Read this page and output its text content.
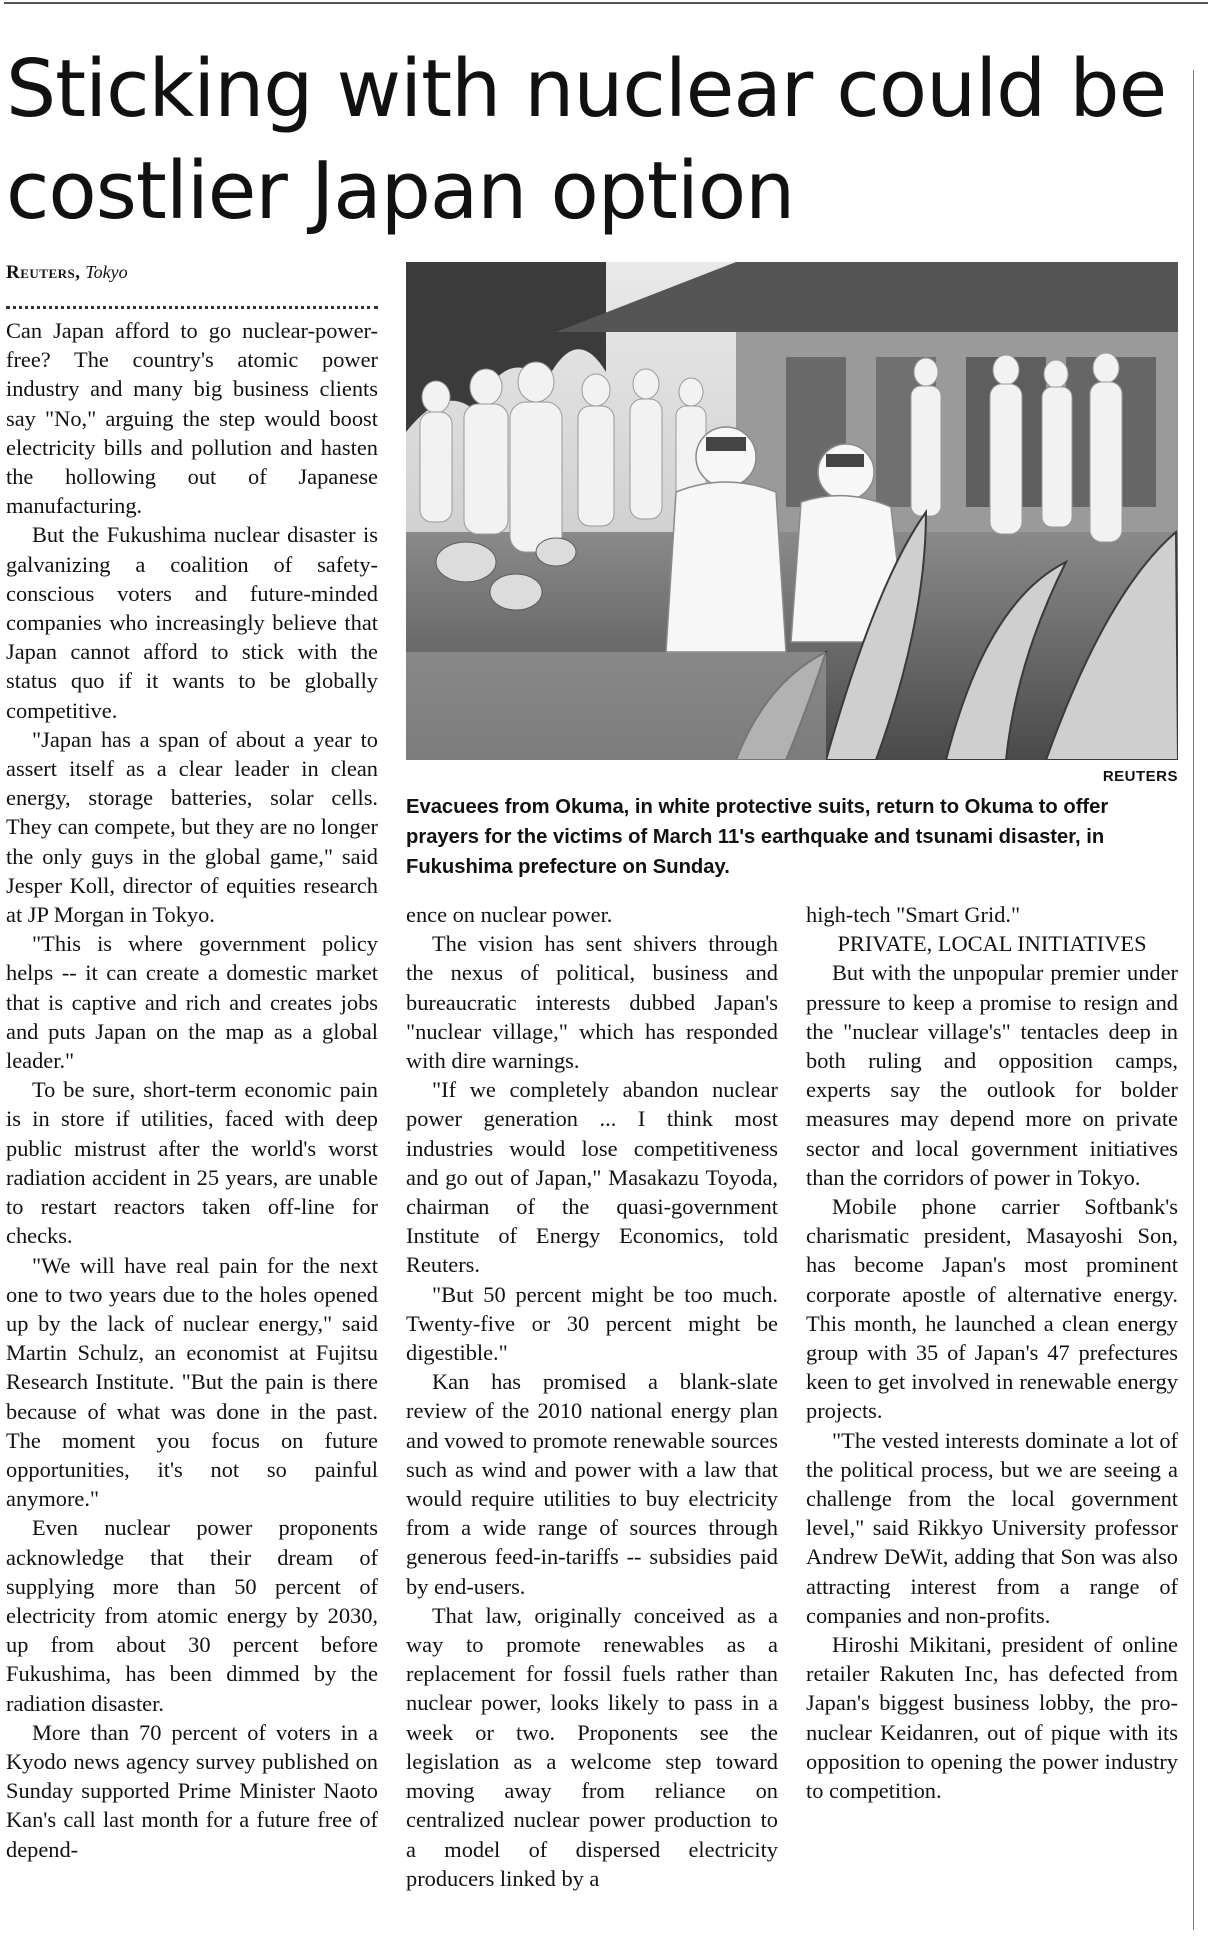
Sticking with nuclear could be costlier Japan option
Reuters, Tokyo

Can Japan afford to go nuclear-power-free? The country's atomic power industry and many big business clients say "No," arguing the step would boost electricity bills and pollution and hasten the hollowing out of Japanese manufacturing.

But the Fukushima nuclear disaster is galvanizing a coalition of safety-conscious voters and future-minded companies who increasingly believe that Japan cannot afford to stick with the status quo if it wants to be globally competitive.

"Japan has a span of about a year to assert itself as a clear leader in clean energy, storage batteries, solar cells. They can compete, but they are no longer the only guys in the global game," said Jesper Koll, director of equities research at JP Morgan in Tokyo.

"This is where government policy helps -- it can create a domestic market that is captive and rich and creates jobs and puts Japan on the map as a global leader."

To be sure, short-term economic pain is in store if utilities, faced with deep public mistrust after the world's worst radiation accident in 25 years, are unable to restart reactors taken off-line for checks.

"We will have real pain for the next one to two years due to the holes opened up by the lack of nuclear energy," said Martin Schulz, an economist at Fujitsu Research Institute. "But the pain is there because of what was done in the past. The moment you focus on future opportunities, it's not so painful anymore."

Even nuclear power proponents acknowledge that their dream of supplying more than 50 percent of electricity from atomic energy by 2030, up from about 30 percent before Fukushima, has been dimmed by the radiation disaster.

More than 70 percent of voters in a Kyodo news agency survey published on Sunday supported Prime Minister Naoto Kan's call last month for a future free of depend-

REUTERS

Evacuees from Okuma, in white protective suits, return to Okuma to offer prayers for the victims of March 11's earthquake and tsunami disaster, in Fukushima prefecture on Sunday.

ence on nuclear power.

The vision has sent shivers through the nexus of political, business and bureaucratic interests dubbed Japan's "nuclear village," which has responded with dire warnings.

"If we completely abandon nuclear power generation ... I think most industries would lose competitiveness and go out of Japan," Masakazu Toyoda, chairman of the quasi-government Institute of Energy Economics, told Reuters.

"But 50 percent might be too much. Twenty-five or 30 percent might be digestible."

Kan has promised a blank-slate review of the 2010 national energy plan and vowed to promote renewable sources such as wind and power with a law that would require utilities to buy electricity from a wide range of sources through generous feed-in-tariffs -- subsidies paid by end-users.

That law, originally conceived as a way to promote renewables as a replacement for fossil fuels rather than nuclear power, looks likely to pass in a week or two. Proponents see the legislation as a welcome step toward moving away from reliance on centralized nuclear power production to a model of dispersed electricity producers linked by a

high-tech "Smart Grid."

PRIVATE, LOCAL INITIATIVES

But with the unpopular premier under pressure to keep a promise to resign and the "nuclear village's" tentacles deep in both ruling and opposition camps, experts say the outlook for bolder measures may depend more on private sector and local government initiatives than the corridors of power in Tokyo.

Mobile phone carrier Softbank's charismatic president, Masayoshi Son, has become Japan's most prominent corporate apostle of alternative energy. This month, he launched a clean energy group with 35 of Japan's 47 prefectures keen to get involved in renewable energy projects.

"The vested interests dominate a lot of the political process, but we are seeing a challenge from the local government level," said Rikkyo University professor Andrew DeWit, adding that Son was also attracting interest from a range of companies and non-profits.

Hiroshi Mikitani, president of online retailer Rakuten Inc, has defected from Japan's biggest business lobby, the pro-nuclear Keidanren, out of pique with its opposition to opening the power industry to competition.
